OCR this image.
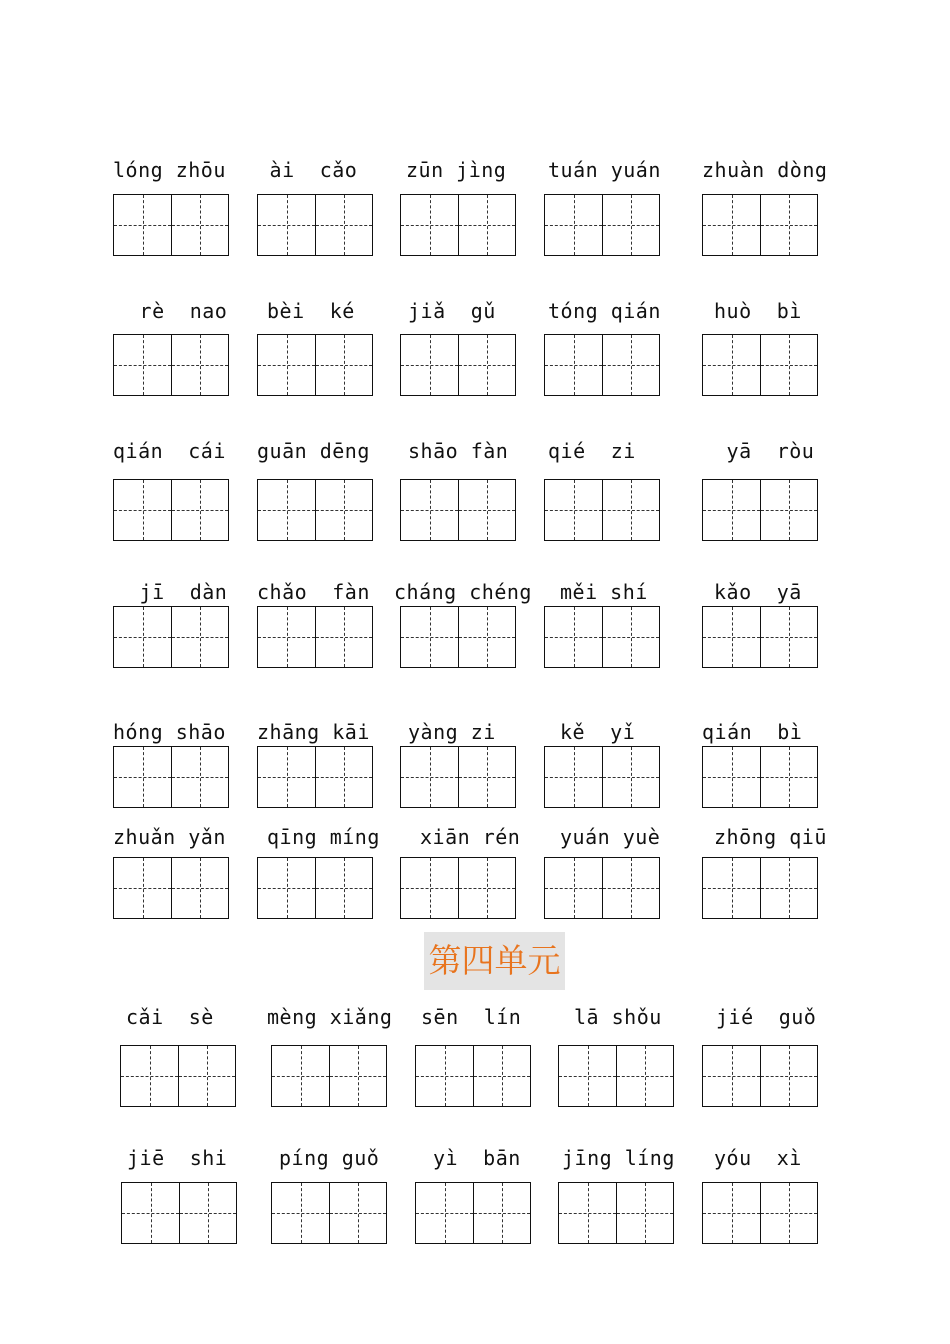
第四单元
lóng zhōu	ài  cǎo	zūn jìng	tuán yuán	zhuàn dòng
rè  nao	bèi  ké	jiǎ  gǔ	tóng qián	huò  bì
qián  cái	guān dēng	shāo fàn	qié  zi	yā  ròu
jī  dàn	chǎo  fàn	cháng chéng	měi shí	kǎo  yā
hóng shāo	zhāng kāi	yàng zi	kě  yǐ	qián  bì
zhuǎn yǎn	qīng míng	xiān rén	yuán yuè	zhōng qiū
cǎi  sè	mèng xiǎng	sēn  lín	lā shǒu	jié  guǒ
jiē  shi	píng guǒ	yì  bān	jīng líng	yóu  xì
